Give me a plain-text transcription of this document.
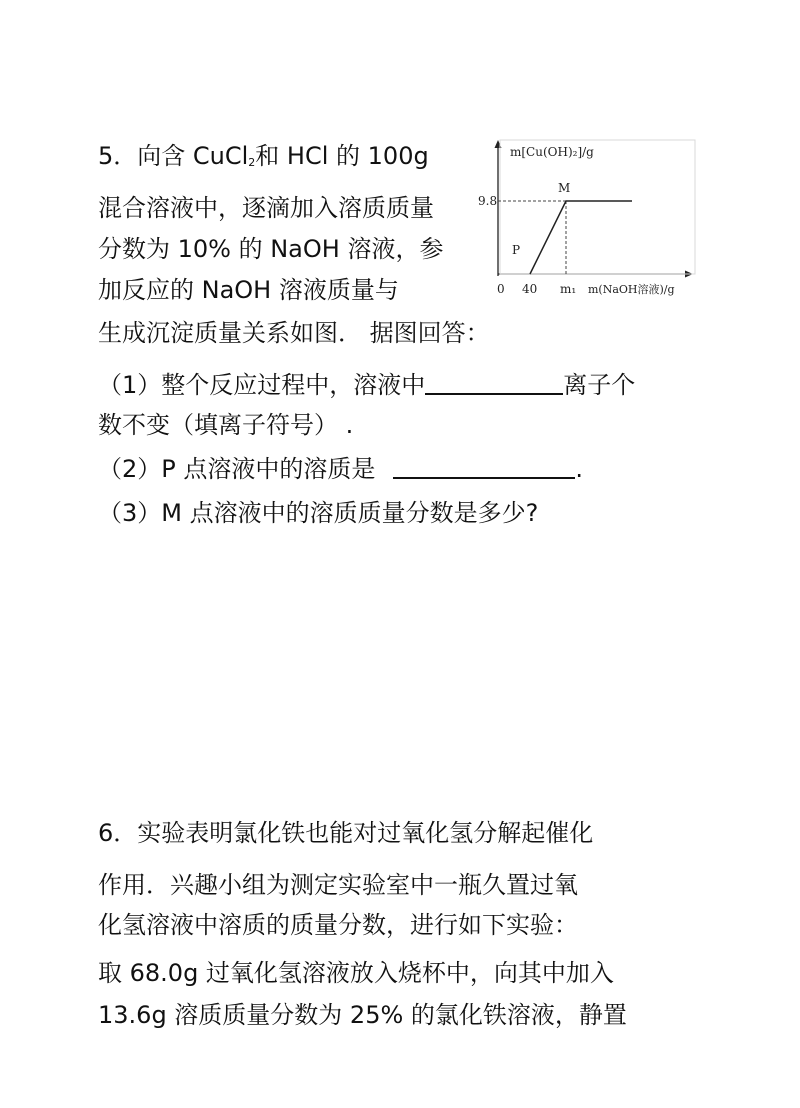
5．向含 CuCl2和 HCl 的 100g
混合溶液中，逐滴加入溶质质量
分数为 10% 的 NaOH 溶液，参
加反应的 NaOH 溶液质量与
生成沉淀质量关系如图． 据图回答：
（1）整个反应过程中，溶液中	离子个
数不变（填离子符号） .
（2）P 点溶液中的溶质是	.
（3）M 点溶液中的溶质质量分数是多少?
m[Cu(OH)₂]/g
9.8
M
P
0 40 m₁ m(NaOH溶液)/g
6．实验表明氯化铁也能对过氧化氢分解起催化
作用．兴趣小组为测定实验室中一瓶久置过氧
化氢溶液中溶质的质量分数，进行如下实验：
取 68.0g 过氧化氢溶液放入烧杯中，向其中加入
13.6g 溶质质量分数为 25% 的氯化铁溶液，静置
